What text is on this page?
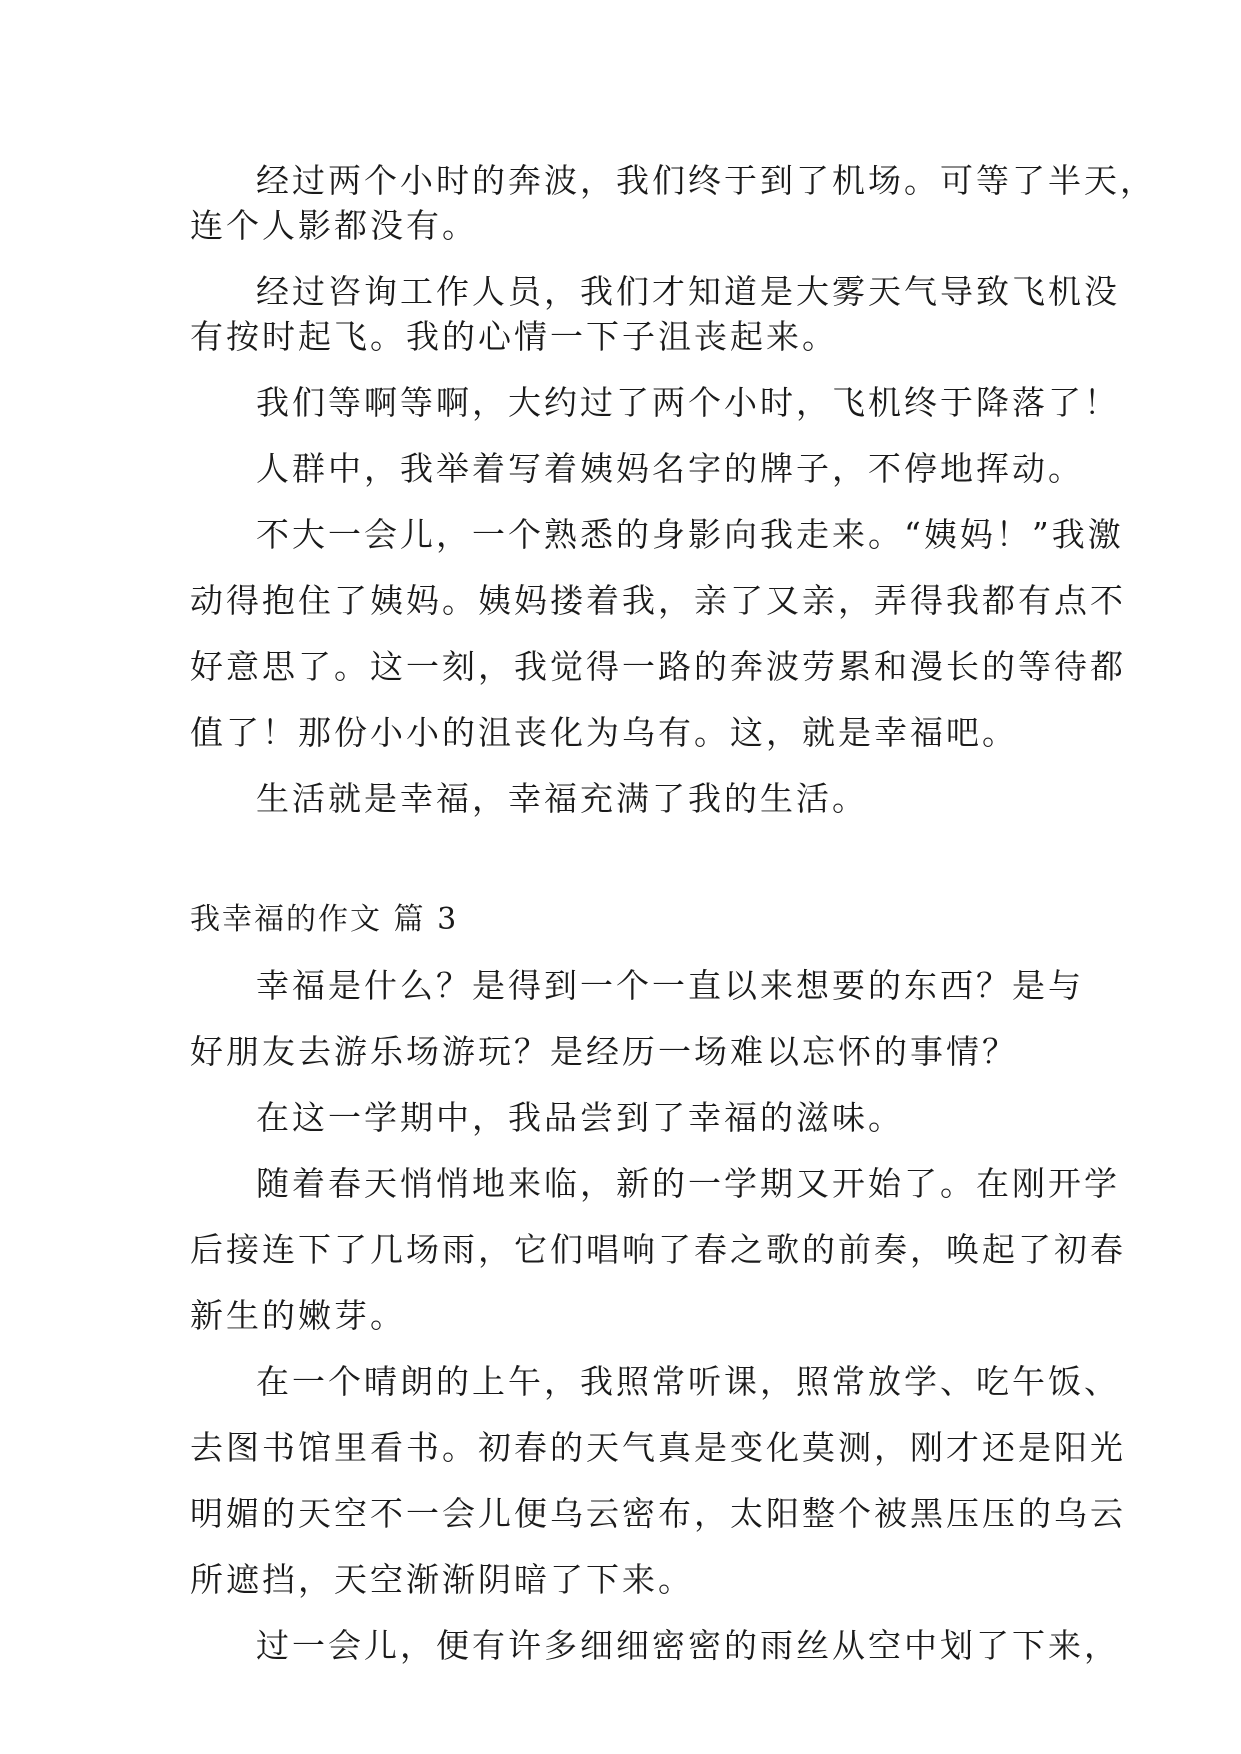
经过两个小时的奔波，我们终于到了机场。可等了半天，

连个人影都没有。

经过咨询工作人员，我们才知道是大雾天气导致飞机没

有按时起飞。我的心情一下子沮丧起来。

我们等啊等啊，大约过了两个小时，飞机终于降落了！

人群中，我举着写着姨妈名字的牌子，不停地挥动。

不大一会儿，一个熟悉的身影向我走来。“姨妈！”我激

动得抱住了姨妈。姨妈搂着我，亲了又亲，弄得我都有点不

好意思了。这一刻，我觉得一路的奔波劳累和漫长的等待都

值了！那份小小的沮丧化为乌有。这，就是幸福吧。

生活就是幸福，幸福充满了我的生活。

我幸福的作文 篇 3

幸福是什么？是得到一个一直以来想要的东西？是与

好朋友去游乐场游玩？是经历一场难以忘怀的事情？

在这一学期中，我品尝到了幸福的滋味。

随着春天悄悄地来临，新的一学期又开始了。在刚开学

后接连下了几场雨，它们唱响了春之歌的前奏，唤起了初春

新生的嫩芽。

在一个晴朗的上午，我照常听课，照常放学、吃午饭、

去图书馆里看书。初春的天气真是变化莫测，刚才还是阳光

明媚的天空不一会儿便乌云密布，太阳整个被黑压压的乌云

所遮挡，天空渐渐阴暗了下来。

过一会儿，便有许多细细密密的雨丝从空中划了下来，
